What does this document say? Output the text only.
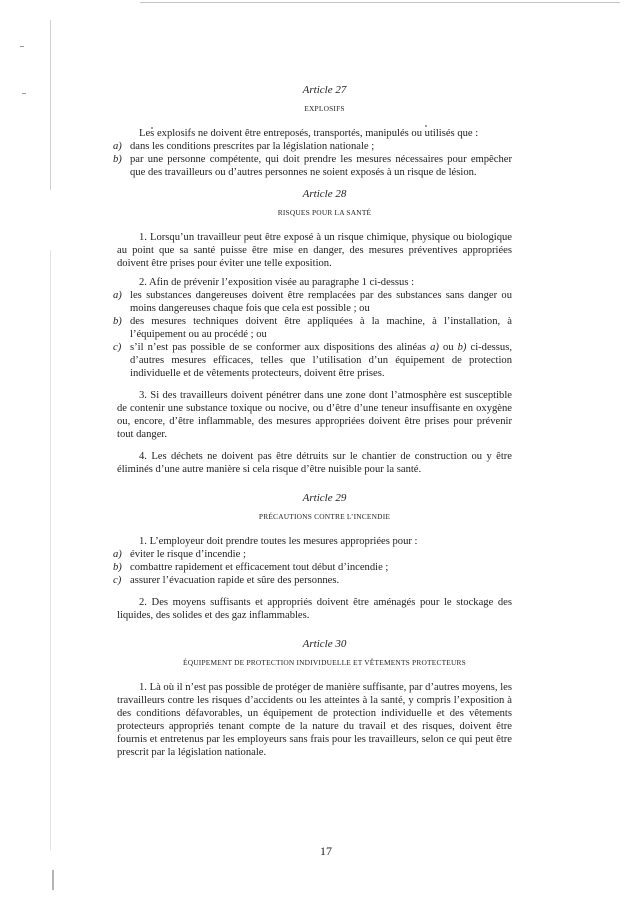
Article 27
EXPLOSIFS

Les explosifs ne doivent être entreposés, transportés, manipulés ou utilisés que :

a) dans les conditions prescrites par la législation nationale ;
b) par une personne compétente, qui doit prendre les mesures nécessaires pour empêcher que des travailleurs ou d’autres personnes ne soient exposés à un risque de lésion.
Article 28
RISQUES POUR LA SANTÉ

1. Lorsqu’un travailleur peut être exposé à un risque chimique, physique ou biologique au point que sa santé puisse être mise en danger, des mesures préventives appropriées doivent être prises pour éviter une telle exposition.

2. Afin de prévenir l’exposition visée au paragraphe 1 ci-dessus :

a) les substances dangereuses doivent être remplacées par des substances sans danger ou moins dangereuses chaque fois que cela est possible ; ou
b) des mesures techniques doivent être appliquées à la machine, à l’installation, à l’équipement ou au procédé ; ou
c) s’il n’est pas possible de se conformer aux dispositions des alinéas a) ou b) ci-dessus, d’autres mesures efficaces, telles que l’utilisation d’un équipement de protection individuelle et de vêtements protecteurs, doivent être prises.

3. Si des travailleurs doivent pénétrer dans une zone dont l’atmosphère est susceptible de contenir une substance toxique ou nocive, ou d’être d’une teneur insuffisante en oxygène ou, encore, d’être inflammable, des mesures appropriées doivent être prises pour prévenir tout danger.

4. Les déchets ne doivent pas être détruits sur le chantier de construction ou y être éliminés d’une autre manière si cela risque d’être nuisible pour la santé.

Article 29
PRÉCAUTIONS CONTRE L’INCENDIE

1. L’employeur doit prendre toutes les mesures appropriées pour :

a) éviter le risque d’incendie ;
b) combattre rapidement et efficacement tout début d’incendie ;
c) assurer l’évacuation rapide et sûre des personnes.

2. Des moyens suffisants et appropriés doivent être aménagés pour le stockage des liquides, des solides et des gaz inflammables.

Article 30
ÉQUIPEMENT DE PROTECTION INDIVIDUELLE ET VÊTEMENTS PROTECTEURS

1. Là où il n’est pas possible de protéger de manière suffisante, par d’autres moyens, les travailleurs contre les risques d’accidents ou les atteintes à la santé, y compris l’exposition à des conditions défavorables, un équipement de protection individuelle et des vêtements protecteurs appropriés tenant compte de la nature du travail et des risques, doivent être fournis et entretenus par les employeurs sans frais pour les travailleurs, selon ce qui peut être prescrit par la législation nationale.

17
